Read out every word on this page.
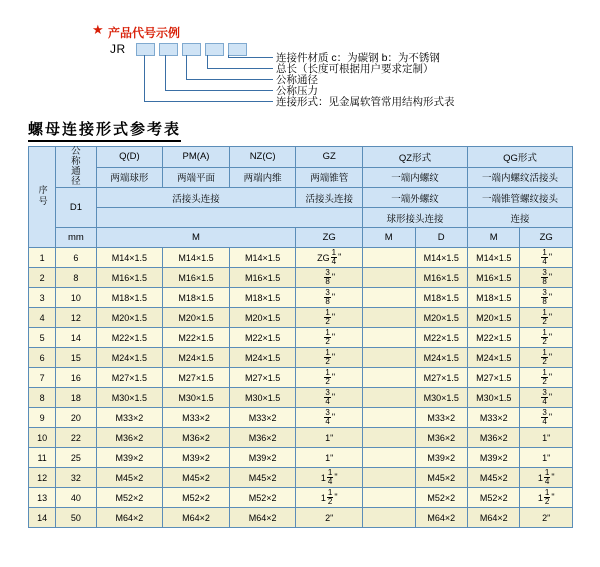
★ 产品代号示例
JR
连接件材质 c：为碳钢 b：为不锈钢
总长（长度可根据用户要求定制）
公称通径
公称压力
连接形式：见金属软管常用结构形式表
螺母连接形式参考表
序号	公称通径	Q(D)	PM(A)	NZ(C)	GZ	QZ形式		QG形式	
		两端球形	两端平面	两端内维	两端锥管	一端内螺纹		一端内螺纹活接头	
	D1	活接头连接			活接头连接	一端外螺纹		一端锥管螺纹接头	
						球形接头连接		连接	
	mm	M			ZG	M	D	M	ZG
1	6	M14×1.5	M14×1.5	M14×1.5	ZG $\frac{1}{4}$ "		M14×1.5	M14×1.5	$\frac{1}{4}$ "
2	8	M16×1.5	M16×1.5	M16×1.5	$\frac{3}{8}$ "		M16×1.5	M16×1.5	$\frac{3}{8}$ "
3	10	M18×1.5	M18×1.5	M18×1.5	$\frac{3}{8}$ "		M18×1.5	M18×1.5	$\frac{3}{8}$ "
4	12	M20×1.5	M20×1.5	M20×1.5	$\frac{1}{2}$ "		M20×1.5	M20×1.5	$\frac{1}{2}$ "
5	14	M22×1.5	M22×1.5	M22×1.5	$\frac{1}{2}$ "		M22×1.5	M22×1.5	$\frac{1}{2}$ "
6	15	M24×1.5	M24×1.5	M24×1.5	$\frac{1}{2}$ "		M24×1.5	M24×1.5	$\frac{1}{2}$ "
7	16	M27×1.5	M27×1.5	M27×1.5	$\frac{1}{2}$ "		M27×1.5	M27×1.5	$\frac{1}{2}$ "
8	18	M30×1.5	M30×1.5	M30×1.5	$\frac{3}{4}$ "		M30×1.5	M30×1.5	$\frac{3}{4}$ "
9	20	M33×2	M33×2	M33×2	$\frac{3}{4}$ "		M33×2	M33×2	$\frac{3}{4}$ "
10	22	M36×2	M36×2	M36×2	1"		M36×2	M36×2	1"
11	25	M39×2	M39×2	M39×2	1"		M39×2	M39×2	1"
12	32	M45×2	M45×2	M45×2	$1 \frac{1}{4}$ "		M45×2	M45×2	$1 \frac{1}{4}$ "
13	40	M52×2	M52×2	M52×2	$1 \frac{1}{2}$ "		M52×2	M52×2	$1 \frac{1}{2}$ "
14	50	M64×2	M64×2	M64×2	2"		M64×2	M64×2	2"
